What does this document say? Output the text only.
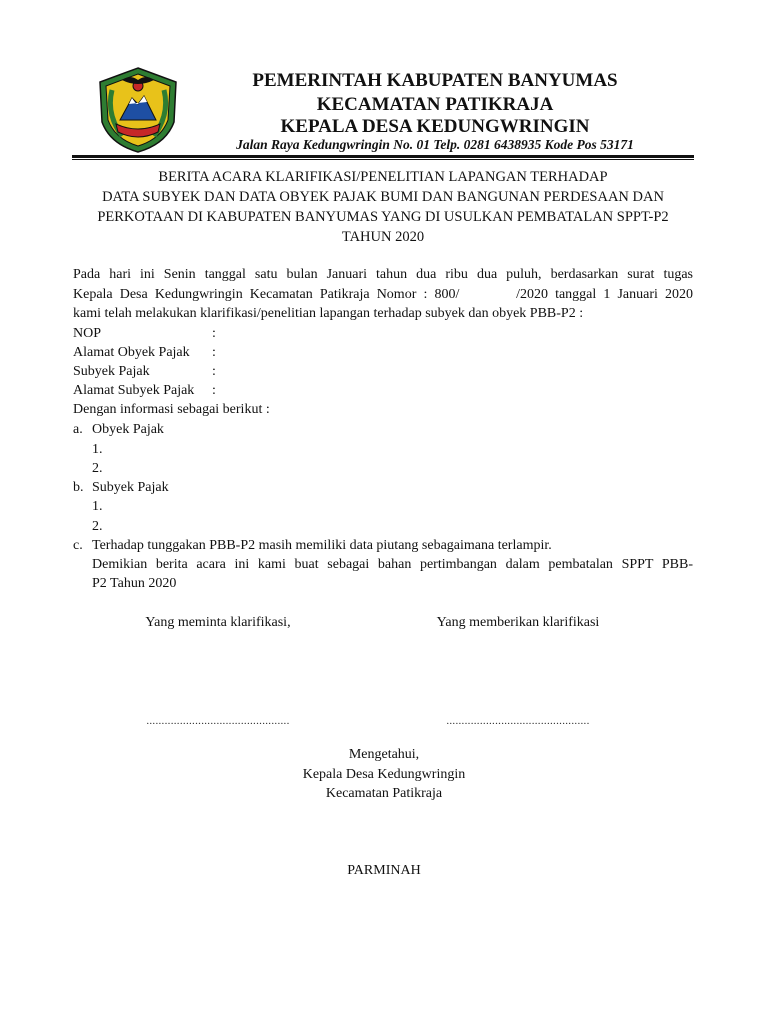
PEMERINTAH KABUPATEN BANYUMAS
KECAMATAN PATIKRAJA
KEPALA DESA KEDUNGWRINGIN
Jalan Raya Kedungwringin No. 01 Telp. 0281 6438935 Kode Pos 53171
BERITA ACARA KLARIFIKASI/PENELITIAN LAPANGAN TERHADAP
DATA SUBYEK DAN DATA OBYEK PAJAK BUMI DAN BANGUNAN PERDESAAN DAN
PERKOTAAN DI KABUPATEN BANYUMAS YANG DI USULKAN PEMBATALAN SPPT-P2
TAHUN 2020
Pada hari ini Senin tanggal satu bulan Januari tahun dua ribu dua puluh, berdasarkan surat tugas
Kepala Desa Kedungwringin Kecamatan Patikraja Nomor : 800/        /2020 tanggal 1 Januari 2020
kami telah melakukan klarifikasi/penelitian lapangan terhadap subyek dan obyek PBB-P2 :
NOP	:
Alamat Obyek Pajak :
Subyek Pajak	:
Alamat Subyek Pajak :
Dengan informasi sebagai berikut :
a. Obyek Pajak
1.
2.
b. Subyek Pajak
1.
2.
c. Terhadap tunggakan PBB-P2 masih memiliki data piutang sebagaimana terlampir.
Demikian berita acara ini kami buat sebagai bahan pertimbangan dalam pembatalan SPPT PBB-
P2 Tahun 2020
Yang meminta klarifikasi,	Yang memberikan klarifikasi
...............................................	...............................................
Mengetahui,
Kepala Desa Kedungwringin
Kecamatan Patikraja
PARMINAH
